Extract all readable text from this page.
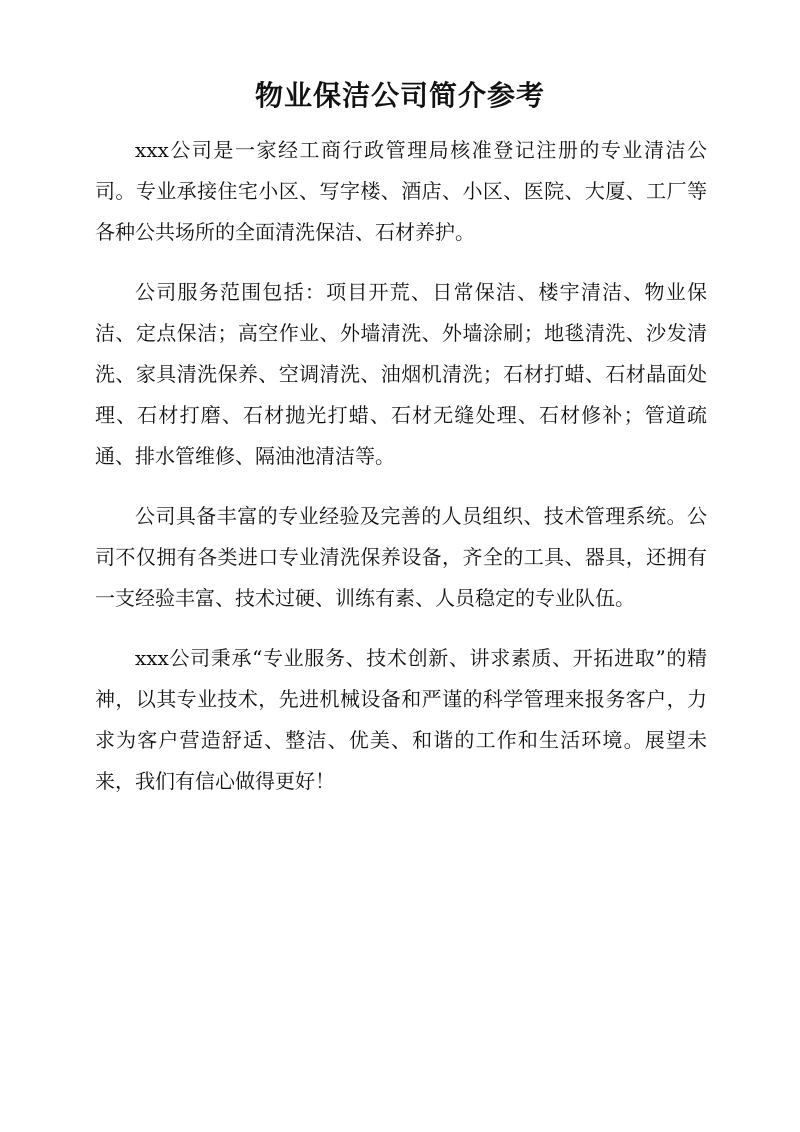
物业保洁公司简介参考

xxx公司是一家经工商行政管理局核准登记注册的专业清洁公司。专业承接住宅小区、写字楼、酒店、小区、医院、大厦、工厂等各种公共场所的全面清洗保洁、石材养护。

公司服务范围包括：项目开荒、日常保洁、楼宇清洁、物业保洁、定点保洁；高空作业、外墙清洗、外墙涂刷；地毯清洗、沙发清洗、家具清洗保养、空调清洗、油烟机清洗；石材打蜡、石材晶面处理、石材打磨、石材抛光打蜡、石材无缝处理、石材修补；管道疏通、排水管维修、隔油池清洁等。

公司具备丰富的专业经验及完善的人员组织、技术管理系统。公司不仅拥有各类进口专业清洗保养设备，齐全的工具、器具，还拥有一支经验丰富、技术过硬、训练有素、人员稳定的专业队伍。

xxx公司秉承“专业服务、技术创新、讲求素质、开拓进取”的精神，以其专业技术，先进机械设备和严谨的科学管理来报务客户，力求为客户营造舒适、整洁、优美、和谐的工作和生活环境。展望未来，我们有信心做得更好！
